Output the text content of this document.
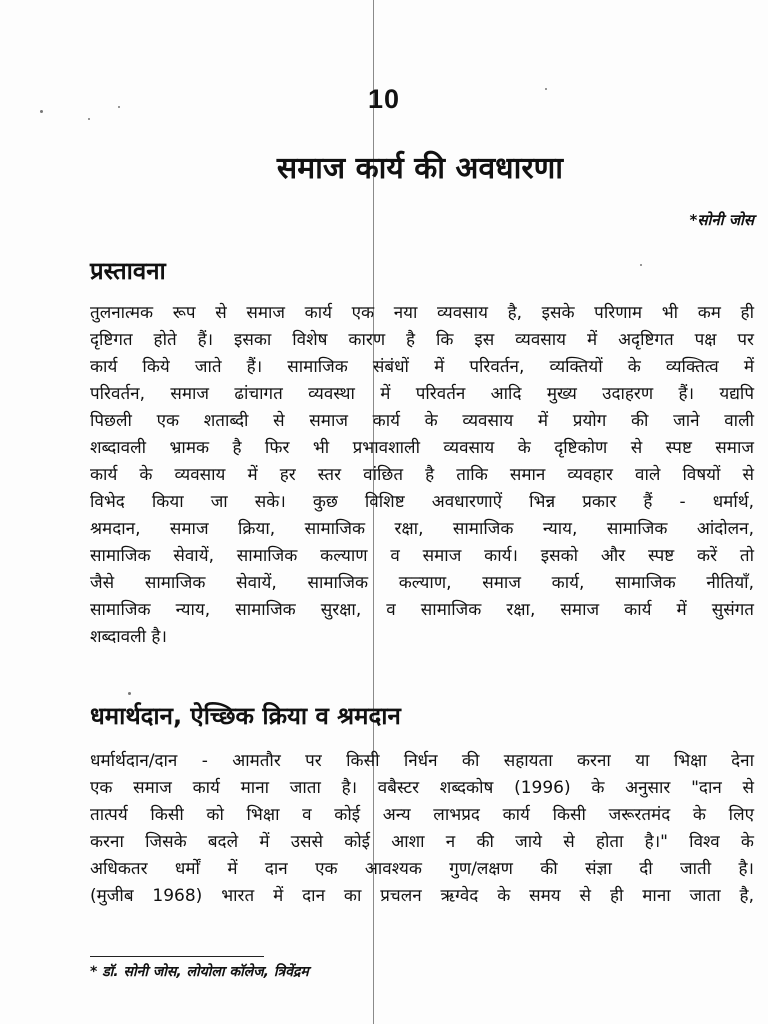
10
समाज कार्य की अवधारणा
*सोनी जोस
प्रस्तावना
तुलनात्मक रूप से समाज कार्य एक नया व्यवसाय है, इसके परिणाम भी कम ही
दृष्टिगत होते हैं। इसका विशेष कारण है कि इस व्यवसाय में अदृष्टिगत पक्ष पर
कार्य किये जाते हैं। सामाजिक संबंधों में परिवर्तन, व्यक्तियों के व्यक्तित्व में
परिवर्तन, समाज ढांचागत व्यवस्था में परिवर्तन आदि मुख्य उदाहरण हैं। यद्यपि
पिछली एक शताब्दी से समाज कार्य के व्यवसाय में प्रयोग की जाने वाली
शब्दावली भ्रामक है फिर भी प्रभावशाली व्यवसाय के दृष्टिकोण से स्पष्ट समाज
कार्य के व्यवसाय में हर स्तर वांछित है ताकि समान व्यवहार वाले विषयों से
विभेद किया जा सके। कुछ विशिष्ट अवधारणाऐं भिन्न प्रकार हैं - धर्मार्थ,
श्रमदान, समाज क्रिया, सामाजिक रक्षा, सामाजिक न्याय, सामाजिक आंदोलन,
सामाजिक सेवायें, सामाजिक कल्याण व समाज कार्य। इसको और स्पष्ट करें तो
जैसे सामाजिक सेवायें, सामाजिक कल्याण, समाज कार्य, सामाजिक नीतियाँ,
सामाजिक न्याय, सामाजिक सुरक्षा, व सामाजिक रक्षा, समाज कार्य में सुसंगत
शब्दावली है।
धमार्थदान, ऐच्छिक क्रिया व श्रमदान
धर्मार्थदान/दान - आमतौर पर किसी निर्धन की सहायता करना या भिक्षा देना
एक समाज कार्य माना जाता है। वबैस्टर शब्दकोष (1996) के अनुसार "दान से
तात्पर्य किसी को भिक्षा व कोई अन्य लाभप्रद कार्य किसी जरूरतमंद के लिए
करना जिसके बदले में उससे कोई आशा न की जाये से होता है।" विश्व के
अधिकतर धर्मों में दान एक आवश्यक गुण/लक्षण की संज्ञा दी जाती है।
(मुजीब 1968) भारत में दान का प्रचलन ऋग्वेद के समय से ही माना जाता है,
* डॉ. सोनी जोस, लोयोला कॉलेज, त्रिवेंद्रम
